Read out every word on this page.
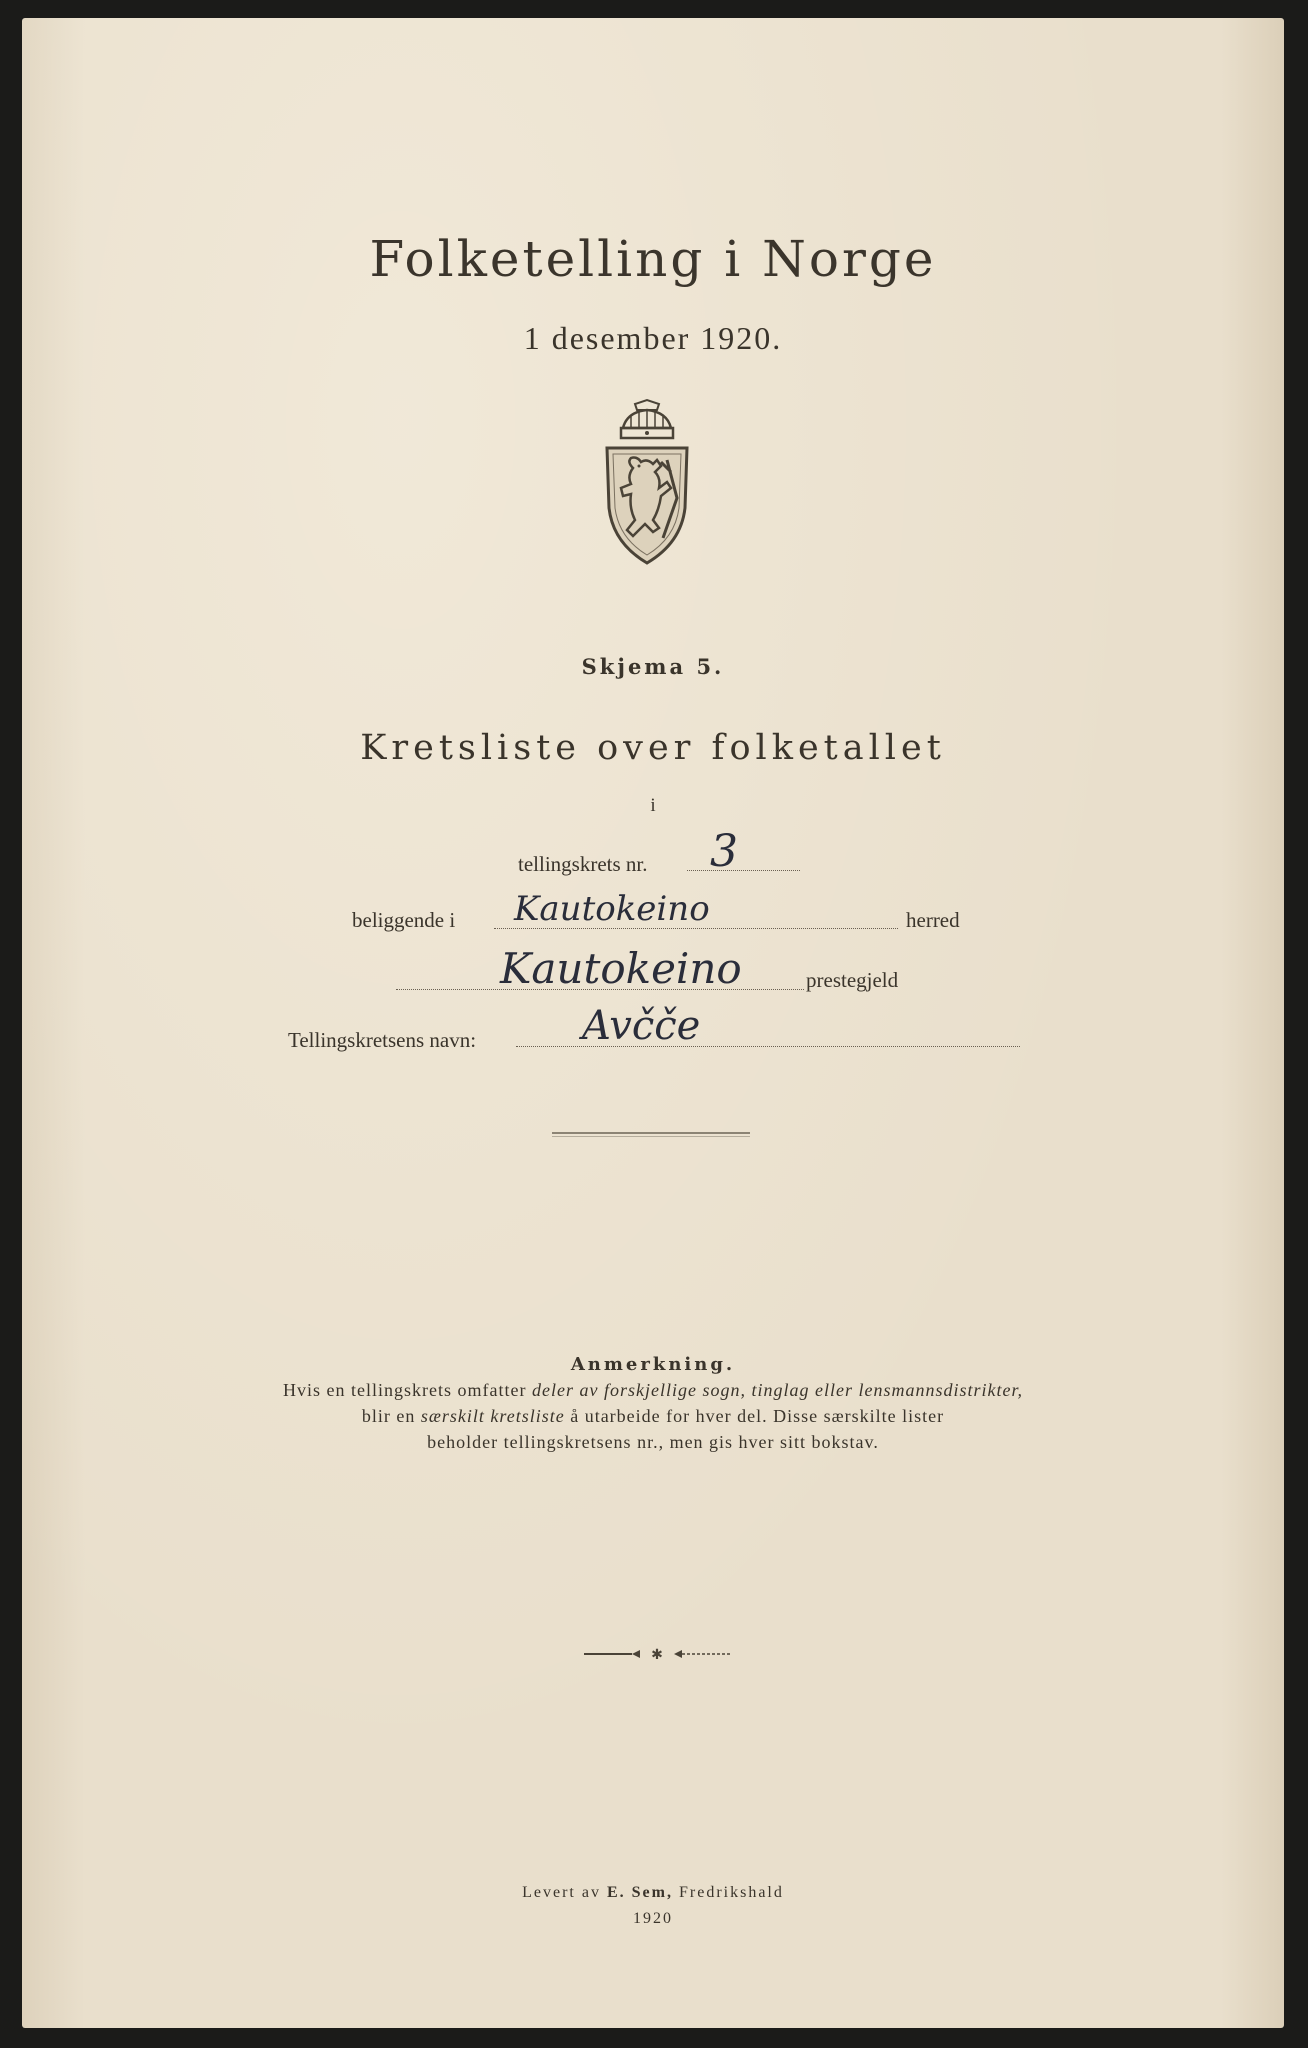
Folketelling i Norge
1 desember 1920.
Skjema 5.
Kretsliste over folketallet
i
tellingskrets nr. 3
beliggende i Kautokeino	herred
Kautokeino	prestegjeld
Tellingskretsens navn:	Avčče
Anmerkning.
Hvis en tellingskrets omfatter deler av forskjellige sogn, tinglag eller lensmannsdistrikter,
blir en særskilt kretsliste å utarbeide for hver del. Disse særskilte lister
beholder tellingskretsens nr., men gis hver sitt bokstav.
✱
Levert av E. Sem, Fredrikshald
1920
